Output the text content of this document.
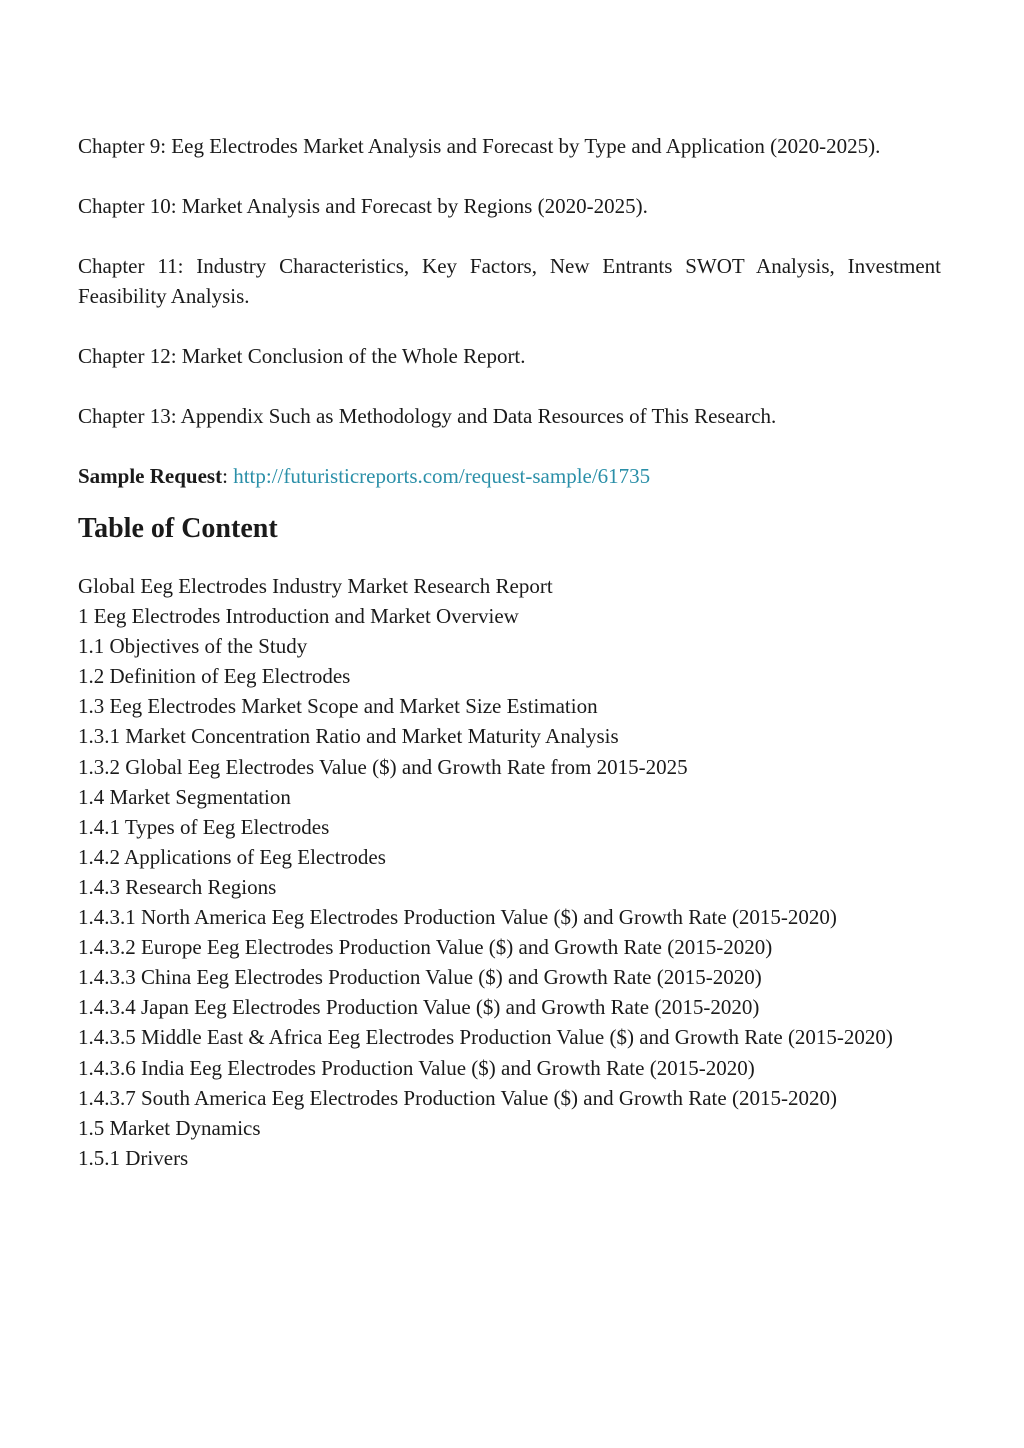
Chapter 9: Eeg Electrodes Market Analysis and Forecast by Type and Application (2020-2025).

Chapter 10: Market Analysis and Forecast by Regions (2020-2025).

Chapter 11: Industry Characteristics, Key Factors, New Entrants SWOT Analysis, Investment Feasibility Analysis.

Chapter 12: Market Conclusion of the Whole Report.

Chapter 13: Appendix Such as Methodology and Data Resources of This Research.

Sample Request: http://futuristicreports.com/request-sample/61735

Table of Content
Global Eeg Electrodes Industry Market Research Report
1 Eeg Electrodes Introduction and Market Overview
1.1 Objectives of the Study
1.2 Definition of Eeg Electrodes
1.3 Eeg Electrodes Market Scope and Market Size Estimation
1.3.1 Market Concentration Ratio and Market Maturity Analysis
1.3.2 Global Eeg Electrodes Value ($) and Growth Rate from 2015-2025
1.4 Market Segmentation
1.4.1 Types of Eeg Electrodes
1.4.2 Applications of Eeg Electrodes
1.4.3 Research Regions
1.4.3.1 North America Eeg Electrodes Production Value ($) and Growth Rate (2015-2020)
1.4.3.2 Europe Eeg Electrodes Production Value ($) and Growth Rate (2015-2020)
1.4.3.3 China Eeg Electrodes Production Value ($) and Growth Rate (2015-2020)
1.4.3.4 Japan Eeg Electrodes Production Value ($) and Growth Rate (2015-2020)
1.4.3.5 Middle East & Africa Eeg Electrodes Production Value ($) and Growth Rate (2015-2020)
1.4.3.6 India Eeg Electrodes Production Value ($) and Growth Rate (2015-2020)
1.4.3.7 South America Eeg Electrodes Production Value ($) and Growth Rate (2015-2020)
1.5 Market Dynamics
1.5.1 Drivers
